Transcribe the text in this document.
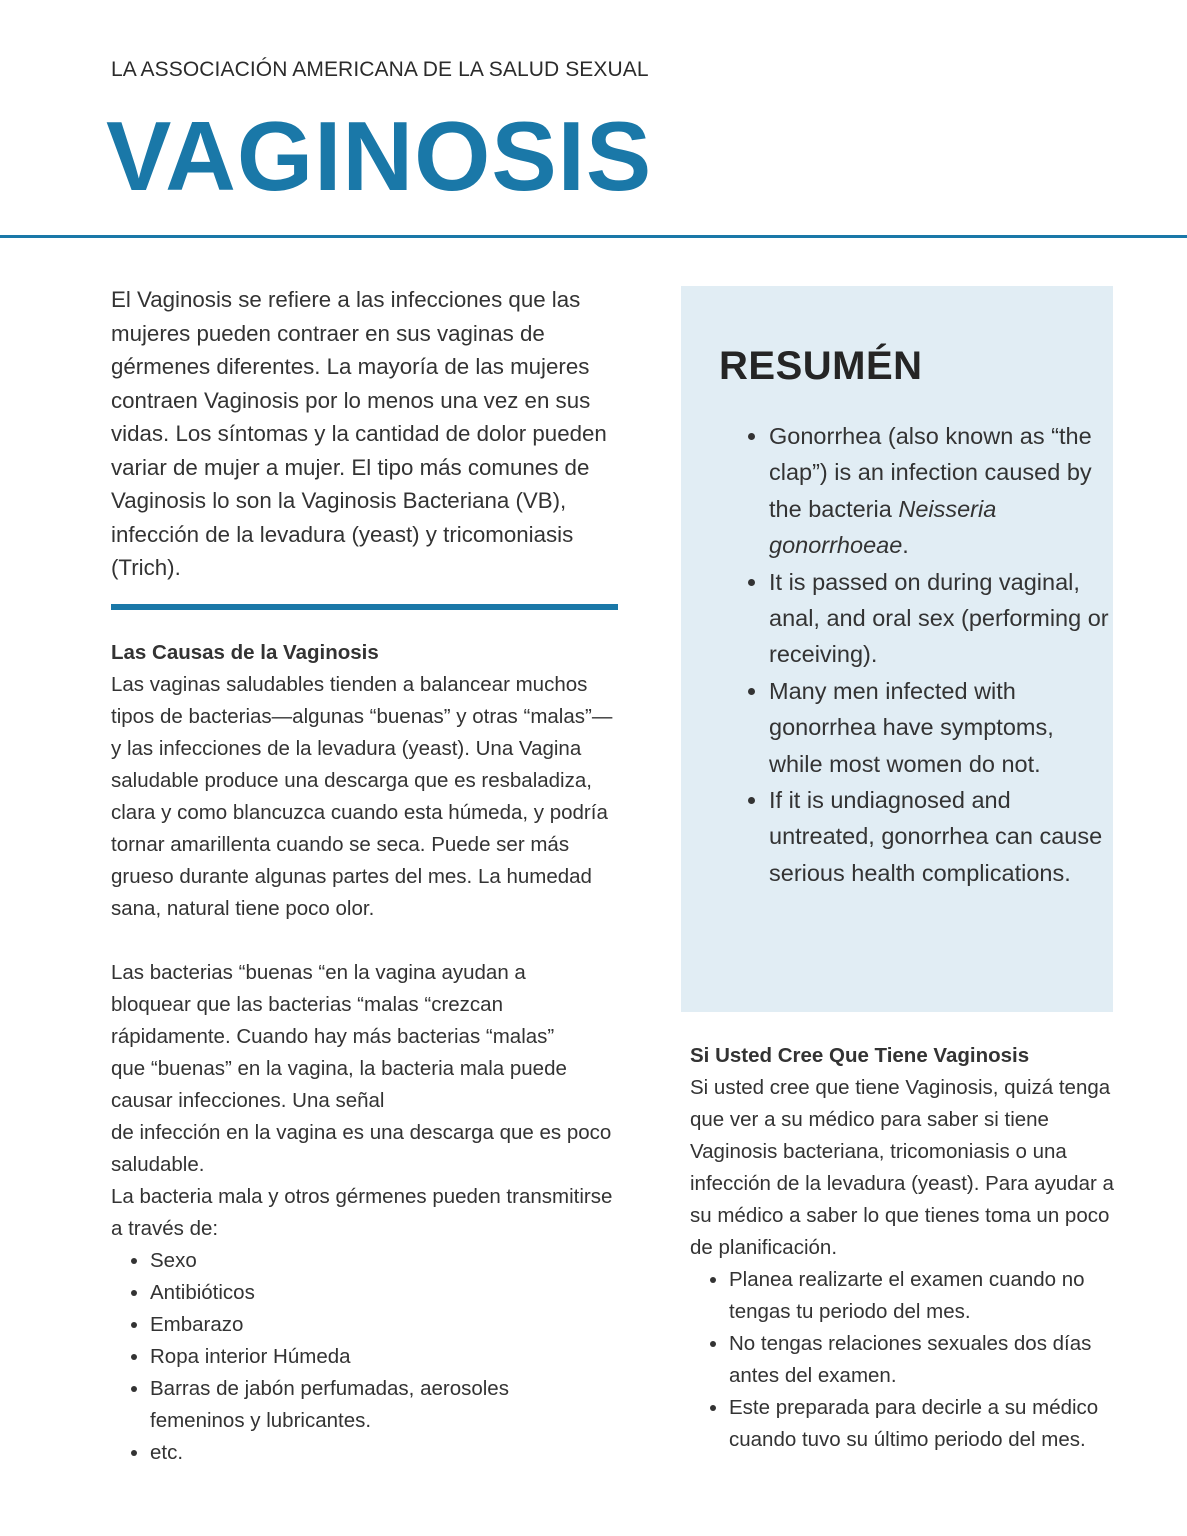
LA ASSOCIACIÓN AMERICANA DE LA SALUD SEXUAL
VAGINOSIS

El Vaginosis se refiere a las infecciones que las mujeres pueden contraer en sus vaginas de gérmenes diferentes. La mayoría de las mujeres contraen Vaginosis por lo menos una vez en sus vidas. Los síntomas y la cantidad de dolor pueden variar de mujer a mujer. El tipo más comunes de Vaginosis lo son la Vaginosis Bacteriana (VB), infección de la levadura (yeast) y tricomoniasis (Trich).

Las Causas de la Vaginosis

Las vaginas saludables tienden a balancear muchos tipos de bacterias—algunas “buenas” y otras “malas”—y las infecciones de la levadura (yeast). Una Vagina saludable produce una descarga que es resbaladiza, clara y como blancuzca cuando esta húmeda, y podría tornar amarillenta cuando se seca. Puede ser más grueso durante algunas partes del mes. La humedad sana, natural tiene poco olor.

Las bacterias “buenas “en la vagina ayudan a bloquear que las bacterias “malas “crezcan rápidamente. Cuando hay más bacterias “malas” que “buenas” en la vagina, la bacteria mala puede causar infecciones. Una señal

de infección en la vagina es una descarga que es poco saludable.

La bacteria mala y otros gérmenes pueden transmitirse a través de:

• Sexo
• Antibióticos
• Embarazo
• Ropa interior Húmeda
• Barras de jabón perfumadas, aerosoles femeninos y lubricantes.
• etc.
RESUMÉN
• Gonorrhea (also known as “the clap”) is an infection caused by the bacteria Neisseria gonorrhoeae.
• It is passed on during vaginal, anal, and oral sex (performing or receiving).
• Many men infected with gonorrhea have symptoms, while most women do not.
• If it is undiagnosed and untreated, gonorrhea can cause serious health complications.
Si Usted Cree Que Tiene Vaginosis

Si usted cree que tiene Vaginosis, quizá tenga que ver a su médico para saber si tiene Vaginosis bacteriana, tricomoniasis o una infección de la levadura (yeast). Para ayudar a su médico a saber lo que tienes toma un poco de planificación.

• Planea realizarte el examen cuando no tengas tu periodo del mes.
• No tengas relaciones sexuales dos días antes del examen.
• Este preparada para decirle a su médico cuando tuvo su último periodo del mes.
